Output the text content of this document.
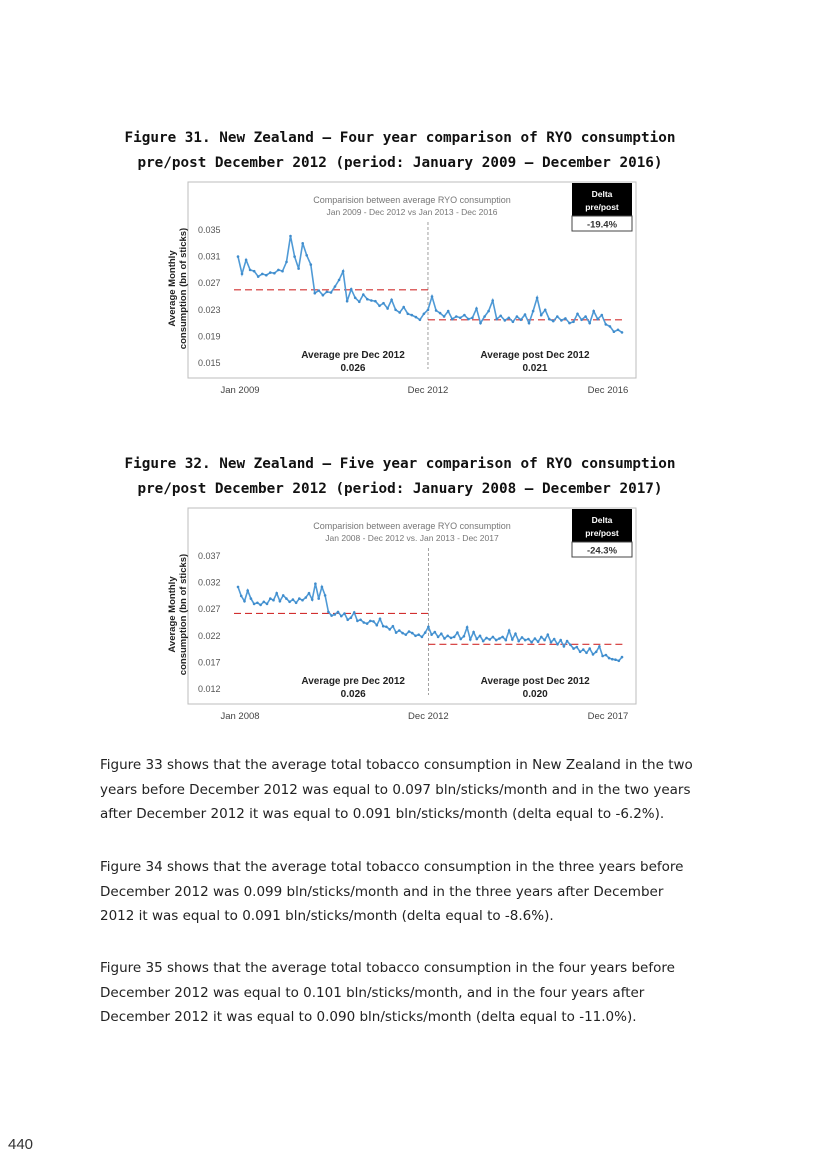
Figure 31. New Zealand – Four year comparison of RYO consumption
pre/post December 2012 (period: January 2009 – December 2016)
Average Monthly consumption (bn of sticks) 0.035
0.031
0.027
0.023
0.019
0.015
Comparision between average RYO consumption
Jan 2009 - Dec 2012 vs Jan 2013 - Dec 2016
Delta
pre/post
-19.4%
Average pre Dec 2012
0.026
Average post Dec 2012
0.021
Jan 2009	Dec 2012	Dec 2016
Figure 32. New Zealand – Five year comparison of RYO consumption
pre/post December 2012 (period: January 2008 – December 2017)
Average Monthly consumption (bn of sticks) 0.037
0.032
0.027
0.022
0.017
0.012
Comparision between average RYO consumption
Jan 2008 - Dec 2012 vs. Jan 2013 - Dec 2017
Delta
pre/post
-24.3%
Average pre Dec 2012
0.026
Average post Dec 2012
0.020
Jan 2008	Dec 2012	Dec 2017
Figure 33 shows that the average total tobacco consumption in New Zealand in the two
years before December 2012 was equal to 0.097 bln/sticks/month and in the two years
after December 2012 it was equal to 0.091 bln/sticks/month (delta equal to -6.2%).
Figure 34 shows that the average total tobacco consumption in the three years before
December 2012 was 0.099 bln/sticks/month and in the three years after December
2012 it was equal to 0.091 bln/sticks/month (delta equal to -8.6%).
Figure 35 shows that the average total tobacco consumption in the four years before
December 2012 was equal to 0.101 bln/sticks/month, and in the four years after
December 2012 it was equal to 0.090 bln/sticks/month (delta equal to -11.0%).
440
